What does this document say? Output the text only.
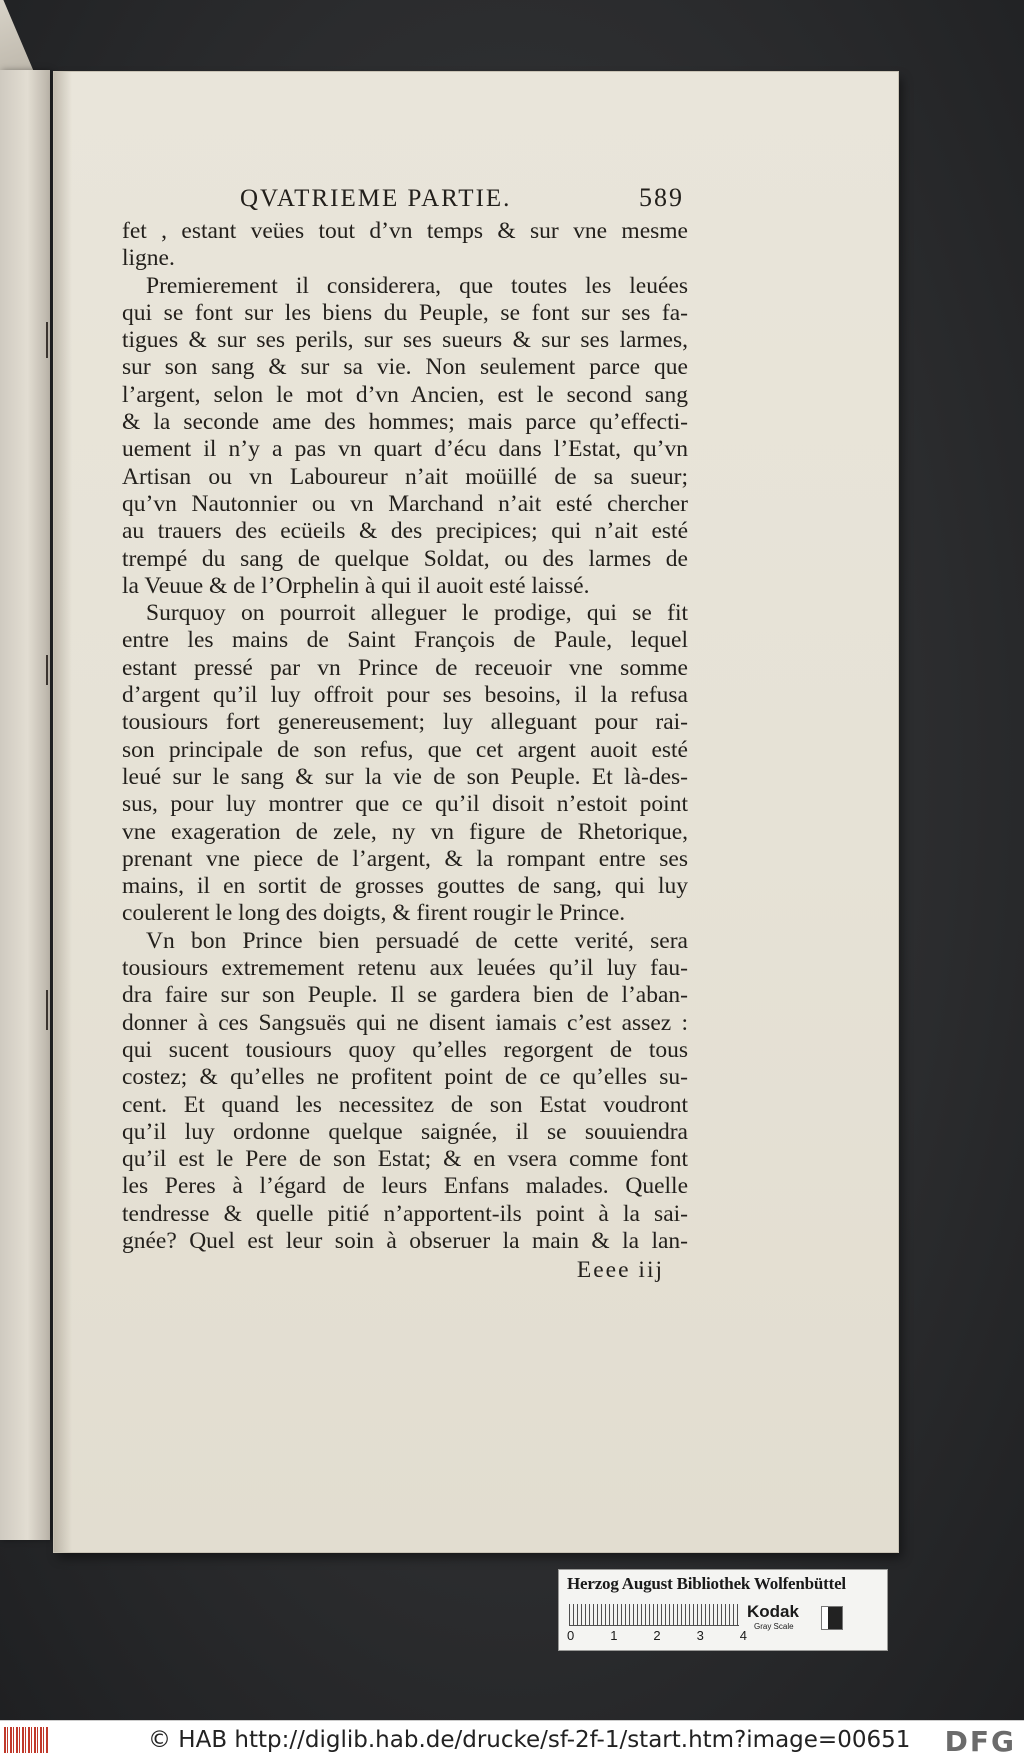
QVATRIEME PARTIE.	589
fet , estant veües tout d’vn temps & sur vne mesme
ligne.
Premierement il considerera, que toutes les leuées
qui se font sur les biens du Peuple, se font sur ses fa-
tigues & sur ses perils, sur ses sueurs & sur ses larmes,
sur son sang & sur sa vie. Non seulement parce que
l’argent, selon le mot d’vn Ancien, est le second sang
& la seconde ame des hommes; mais parce qu’effecti-
uement il n’y a pas vn quart d’écu dans l’Estat, qu’vn
Artisan ou vn Laboureur n’ait moüillé de sa sueur;
qu’vn Nautonnier ou vn Marchand n’ait esté chercher
au trauers des ecüeils & des precipices; qui n’ait esté
trempé du sang de quelque Soldat, ou des larmes de
la Veuue & de l’Orphelin à qui il auoit esté laissé.
Surquoy on pourroit alleguer le prodige, qui se fit
entre les mains de Saint François de Paule, lequel
estant pressé par vn Prince de receuoir vne somme
d’argent qu’il luy offroit pour ses besoins, il la refusa
tousiours fort genereusement; luy alleguant pour rai-
son principale de son refus, que cet argent auoit esté
leué sur le sang & sur la vie de son Peuple. Et là-des-
sus, pour luy montrer que ce qu’il disoit n’estoit point
vne exageration de zele, ny vn figure de Rhetorique,
prenant vne piece de l’argent, & la rompant entre ses
mains, il en sortit de grosses gouttes de sang, qui luy
coulerent le long des doigts, & firent rougir le Prince.
Vn bon Prince bien persuadé de cette verité, sera
tousiours extremement retenu aux leuées qu’il luy fau-
dra faire sur son Peuple. Il se gardera bien de l’aban-
donner à ces Sangsuës qui ne disent iamais c’est assez :
qui sucent tousiours quoy qu’elles regorgent de tous
costez; & qu’elles ne profitent point de ce qu’elles su-
cent. Et quand les necessitez de son Estat voudront
qu’il luy ordonne quelque saignée, il se souuiendra
qu’il est le Pere de son Estat; & en vsera comme font
les Peres à l’égard de leurs Enfans malades. Quelle
tendresse & quelle pitié n’apportent-ils point à la sai-
gnée? Quel est leur soin à obseruer la main & la lan-
Eeee iij
Herzog August Bibliothek Wolfenbüttel
0	1	2	3	4
Kodak
Gray Scale
© HAB http://diglib.hab.de/drucke/sf-2f-1/start.htm?image=00651 DFG
